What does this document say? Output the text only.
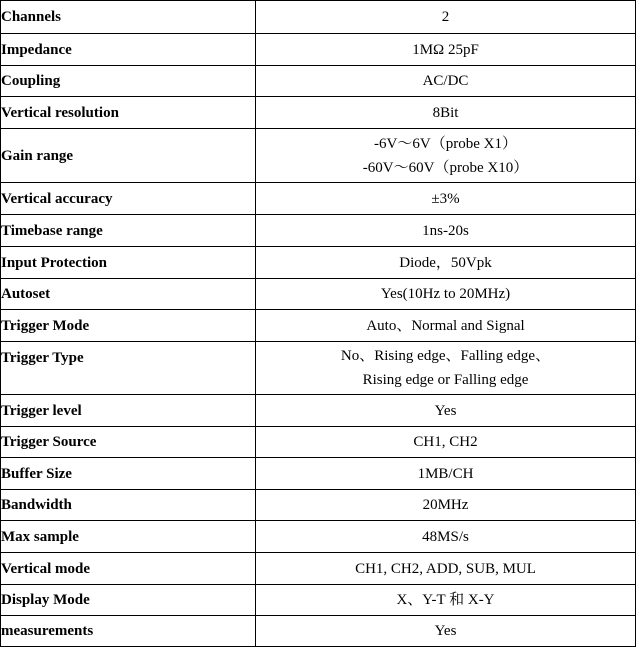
Channels	2
Impedance	1MΩ 25pF
Coupling	AC/DC
Vertical resolution	8Bit
Gain range	-6V～6V（probe X1）
-60V～60V（probe X10）

Vertical accuracy	±3%
Timebase range	1ns-20s
Input Protection	Diode，50Vpk
Autoset	Yes(10Hz to 20MHz)
Trigger Mode	Auto、Normal and Signal
Trigger Type	No、Rising edge、Falling edge、
Rising edge or Falling edge

Trigger level	Yes
Trigger Source	CH1, CH2
Buffer Size	1MB/CH
Bandwidth	20MHz
Max sample	48MS/s
Vertical mode	CH1, CH2, ADD, SUB, MUL
Display Mode	X、Y-T 和 X-Y
measurements	Yes
